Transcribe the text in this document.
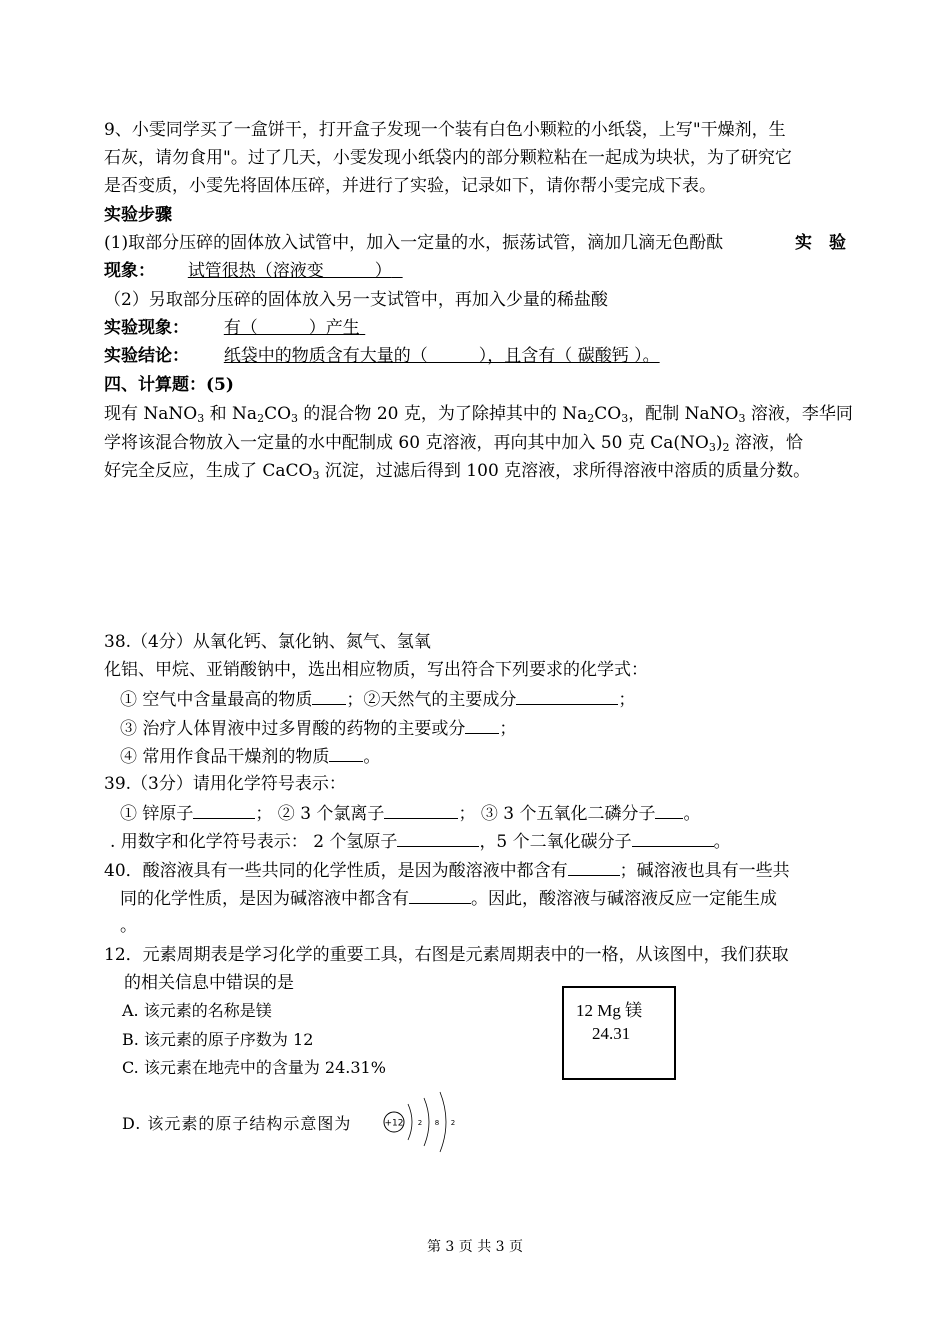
9、小雯同学买了一盒饼干，打开盒子发现一个装有白色小颗粒的小纸袋，上写"干燥剂，生
石灰，请勿食用"。过了几天，小雯发现小纸袋内的部分颗粒粘在一起成为块状，为了研究它
是否变质，小雯先将固体压碎，并进行了实验，记录如下，请你帮小雯完成下表。
实验步骤
(1)取部分压碎的固体放入试管中，加入一定量的水，振荡试管，滴加几滴无色酚酞	实　验
现象： 试管很热（溶液变　　　）
（2）另取部分压碎的固体放入另一支试管中，再加入少量的稀盐酸
实验现象： 有（　　　）产生
实验结论： 纸袋中的物质含有大量的（　　　），且含有（ 碳酸钙 ）。
四、计算题：(5)
现有 NaNO$_3$ 和 $Na_2CO_3$ 的混合物 20 克，为了除掉其中的 $Na_2CO_3$，配制 NaNO$_3$ 溶液，李华同
学将该混合物放入一定量的水中配制成 60 克溶液，再向其中加入 50 克 $Ca(NO_3)_2$ 溶液，恰
好完全反应，生成了 CaCO$_3$ 沉淀，过滤后得到 100 克溶液，求所得溶液中溶质的质量分数。
38.（4分）从氧化钙、氯化钠、氮气、氢氧
化铝、甲烷、亚销酸钠中，选出相应物质，写出符合下列要求的化学式：
① 空气中含量最高的物质 ；②天然气的主要成分	；
③ 治疗人体胃液中过多胃酸的药物的主要或分 ；
④ 常用作食品干燥剂的物质 。
39.（3分）请用化学符号表示：
① 锌原子	； ② 3 个氯离子	； ③ 3 个五氧化二磷分子 。
. 用数字和化学符号表示： 2 个氢原子	，5 个二氧化碳分子	。
40．酸溶液具有一些共同的化学性质，是因为酸溶液中都含有	；碱溶液也具有一些共
同的化学性质，是因为碱溶液中都含有	。因此，酸溶液与碱溶液反应一定能生成
。
12．元素周期表是学习化学的重要工具，右图是元素周期表中的一格，从该图中，我们获取
的相关信息中错误的是
A. 该元素的名称是镁
B. 该元素的原子序数为 12
C. 该元素在地壳中的含量为 24.31%
D. 该元素的原子结构示意图为
12 Mg 镁
24.31
+12 2 8 2
第 3 页 共 3 页
